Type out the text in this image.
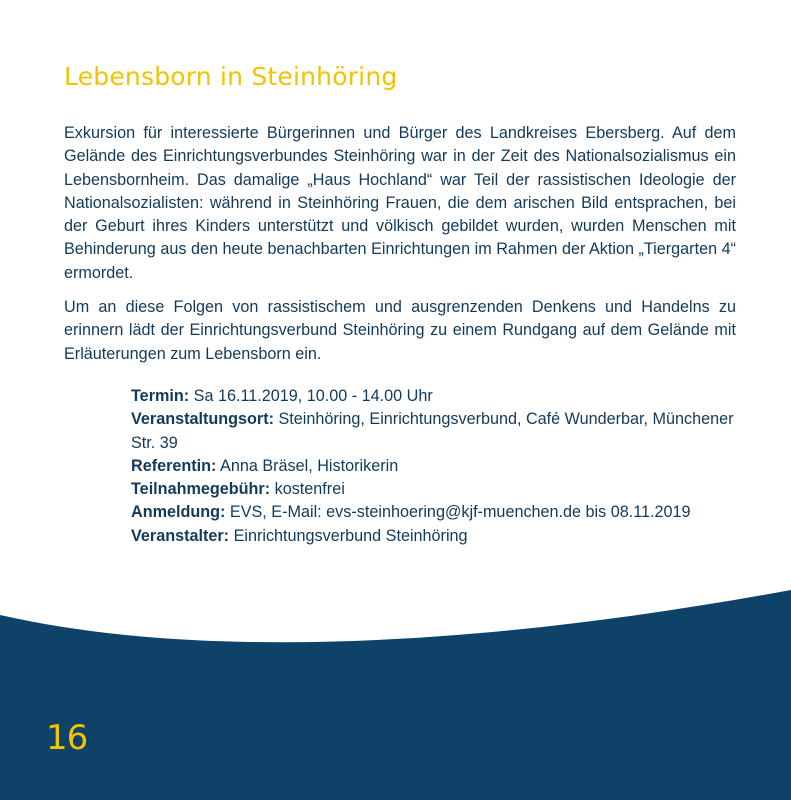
Lebensborn in Steinhöring

Exkursion für interessierte Bürgerinnen und Bürger des Landkreises Ebersberg. Auf dem Gelände des Einrichtungsverbundes Steinhöring war in der Zeit des Nationalsozialismus ein Lebensbornheim. Das damalige „Haus Hochland“ war Teil der rassistischen Ideologie der Nationalsozialisten: während in Steinhöring Frauen, die dem arischen Bild entsprachen, bei der Geburt ihres Kinders unterstützt und völkisch gebildet wurden, wurden Menschen mit Behinderung aus den heute benachbarten Einrichtungen im Rahmen der Aktion „Tiergarten 4“ ermordet.

Um an diese Folgen von rassistischem und ausgrenzenden Denkens und Handelns zu erinnern lädt der Einrichtungsverbund Steinhöring zu einem Rundgang auf dem Gelände mit Erläuterungen zum Lebensborn ein.

Termin: Sa 16.11.2019, 10.00 - 14.00 Uhr

Veranstaltungsort: Steinhöring, Einrichtungsverbund, Café Wunderbar, Münchener Str. 39

Referentin: Anna Bräsel, Historikerin

Teilnahmegebühr: kostenfrei

Anmeldung: EVS, E-Mail: evs-steinhoering@kjf-muenchen.de bis 08.11.2019

Veranstalter: Einrichtungsverbund Steinhöring

16
